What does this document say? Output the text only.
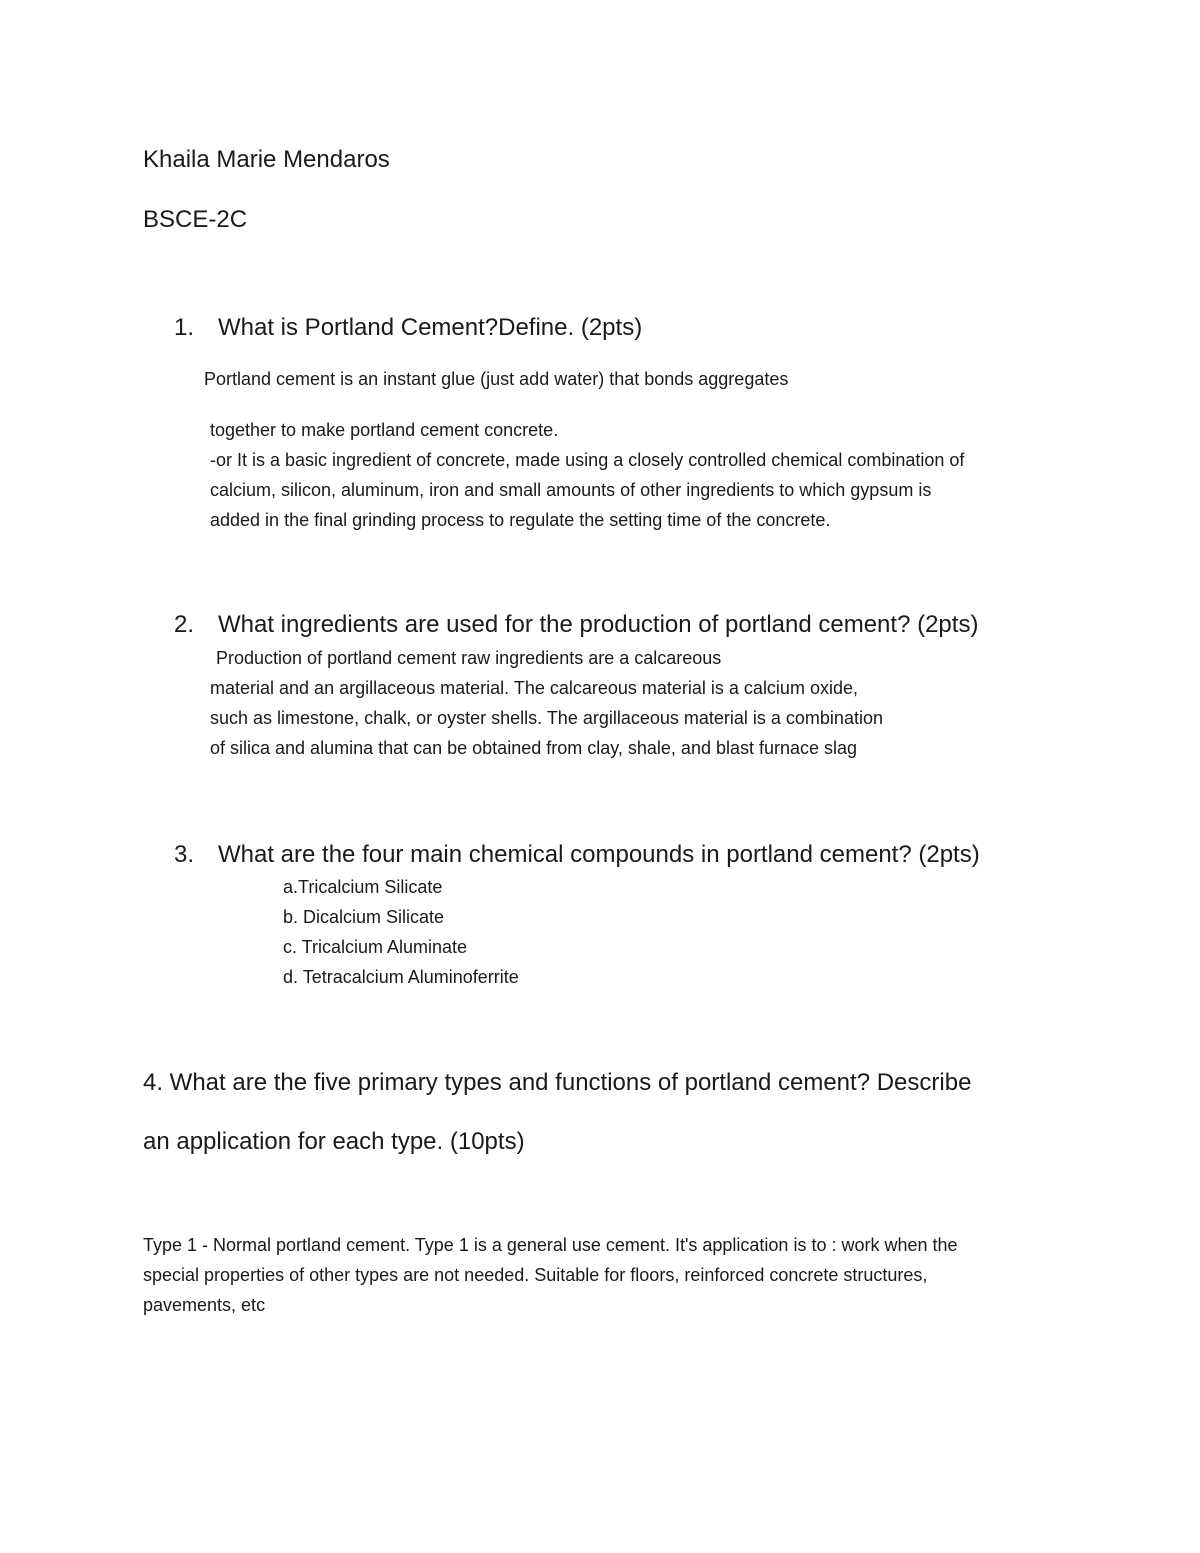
Khaila Marie Mendaros

BSCE-2C

1. What is Portland Cement?Define. (2pts)

Portland cement is an instant glue (just add water) that bonds aggregates

together to make portland cement concrete.

-or It is a basic ingredient of concrete, made using a closely controlled chemical combination of

calcium, silicon, aluminum, iron and small amounts of other ingredients to which gypsum is

added in the final grinding process to regulate the setting time of the concrete.

2. What ingredients are used for the production of portland cement? (2pts)

Production of portland cement raw ingredients are a calcareous

material and an argillaceous material. The calcareous material is a calcium oxide,

such as limestone, chalk, or oyster shells. The argillaceous material is a combination

of silica and alumina that can be obtained from clay, shale, and blast furnace slag

3. What are the four main chemical compounds in portland cement? (2pts)

a.Tricalcium Silicate

b. Dicalcium Silicate

c. Tricalcium Aluminate

d. Tetracalcium Aluminoferrite

4. What are the five primary types and functions of portland cement? Describe

an application for each type. (10pts)

Type 1 - Normal portland cement. Type 1 is a general use cement. It's application is to : work when the

special properties of other types are not needed. Suitable for floors, reinforced concrete structures,

pavements, etc
